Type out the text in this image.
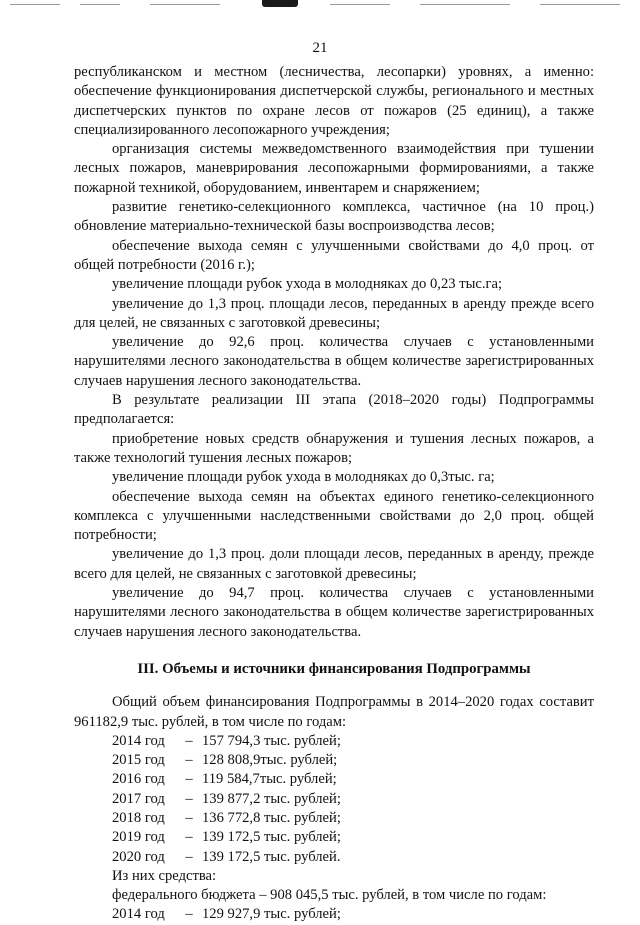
21

республиканском и местном (лесничества, лесопарки) уровнях, а именно: обеспечение функционирования диспетчерской службы, регионального и местных диспетчерских пунктов по охране лесов от пожаров (25 единиц), а также специализированного лесопожарного учреждения;

организация системы межведомственного взаимодействия при тушении лесных пожаров, маневрирования лесопожарными формированиями, а также пожарной техникой, оборудованием, инвентарем и снаряжением;

развитие генетико-селекционного комплекса, частичное (на 10 проц.) обновление материально-технической базы воспроизводства лесов;

обеспечение выхода семян с улучшенными свойствами до 4,0 проц. от общей потребности (2016 г.);

увеличение площади рубок ухода в молодняках до 0,23 тыс.га;

увеличение до 1,3 проц. площади лесов, переданных в аренду прежде всего для целей, не связанных с заготовкой древесины;

увеличение до 92,6 проц. количества случаев с установленными нарушителями лесного законодательства в общем количестве зарегистрированных случаев нарушения лесного законодательства.

В результате реализации III этапа (2018–2020 годы) Подпрограммы предполагается:

приобретение новых средств обнаружения и тушения лесных пожаров, а также технологий тушения лесных пожаров;

увеличение площади рубок ухода в молодняках до 0,3тыс. га;

обеспечение выхода семян на объектах единого генетико-селекционного комплекса с улучшенными наследственными свойствами до 2,0 проц. общей потребности;

увеличение до 1,3 проц. доли площади лесов, переданных в аренду, прежде всего для целей, не связанных с заготовкой древесины;

увеличение до 94,7 проц. количества случаев с установленными нарушителями лесного законодательства в общем количестве зарегистрированных случаев нарушения лесного законодательства.

III. Объемы и источники финансирования Подпрограммы

Общий объем финансирования Подпрограммы в 2014–2020 годах составит 961182,9 тыс. рублей, в том числе по годам:

2014 год	– 157 794,3 тыс. рублей;
2015 год	– 128 808,9тыс. рублей;
2016 год	– 119 584,7тыс. рублей;
2017 год	– 139 877,2 тыс. рублей;
2018 год	– 136 772,8 тыс. рублей;
2019 год	– 139 172,5 тыс. рублей;
2020 год	– 139 172,5 тыс. рублей.

Из них средства:

федерального бюджета – 908 045,5 тыс. рублей, в том числе по годам:

2014 год	– 129 927,9 тыс. рублей;
